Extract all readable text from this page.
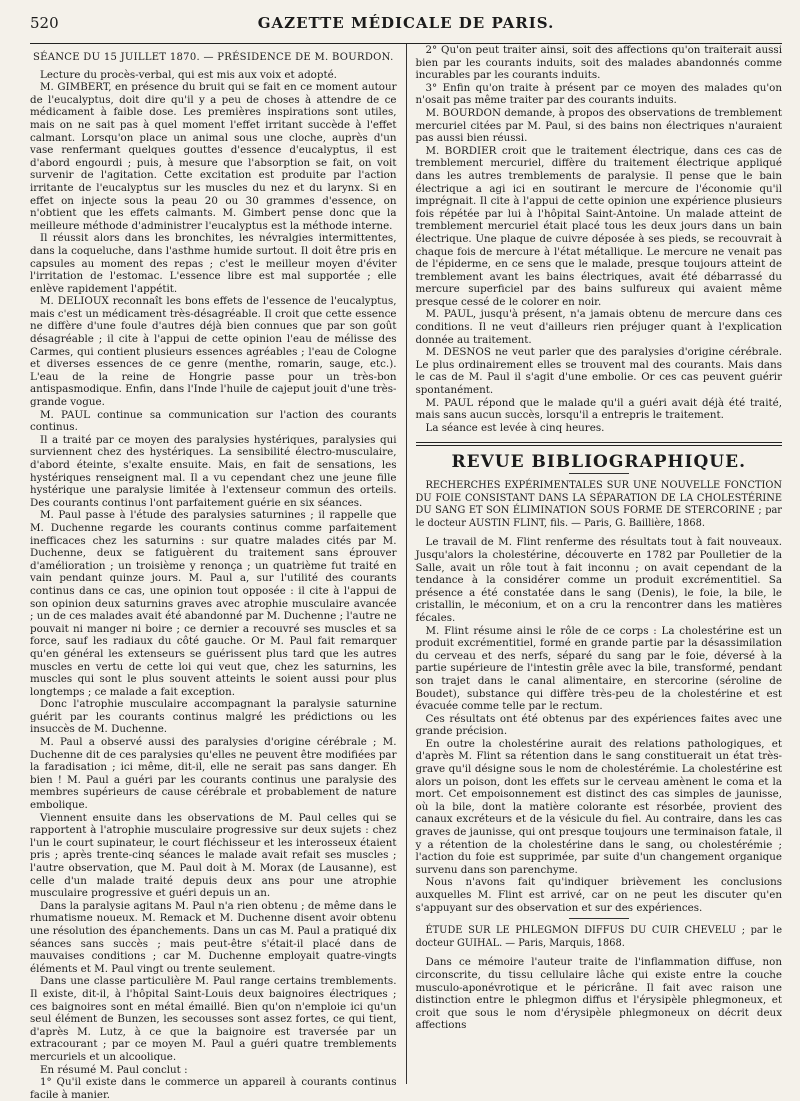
520	GAZETTE MÉDICALE DE PARIS.
SÉANCE DU 15 JUILLET 1870. — PRÉSIDENCE DE M. BOURDON.

Lecture du procès-verbal, qui est mis aux voix et adopté.

M. GIMBERT, en présence du bruit qui se fait en ce moment autour de l'eucalyptus, doit dire qu'il y a peu de choses à attendre de ce médicament à faible dose. Les premières inspirations sont utiles, mais on ne sait pas à quel moment l'effet irritant succède à l'effet calmant. Lorsqu'on place un animal sous une cloche, auprès d'un vase renfermant quelques gouttes d'essence d'eucalyptus, il est d'abord engourdi ; puis, à mesure que l'absorption se fait, on voit survenir de l'agitation. Cette excitation est produite par l'action irritante de l'eucalyptus sur les muscles du nez et du larynx. Si en effet on injecte sous la peau 20 ou 30 grammes d'essence, on n'obtient que les effets calmants. M. Gimbert pense donc que la meilleure méthode d'administrer l'eucalyptus est la méthode interne.

Il réussit alors dans les bronchites, les névralgies intermittentes, dans la coqueluche, dans l'asthme humide surtout. Il doit être pris en capsules au moment des repas ; c'est le meilleur moyen d'éviter l'irritation de l'estomac. L'essence libre est mal supportée ; elle enlève rapidement l'appétit.

M. DELIOUX reconnaît les bons effets de l'essence de l'eucalyptus, mais c'est un médicament très-désagréable. Il croit que cette essence ne diffère d'une foule d'autres déjà bien connues que par son goût désagréable ; il cite à l'appui de cette opinion l'eau de mélisse des Carmes, qui contient plusieurs essences agréables ; l'eau de Cologne et diverses essences de ce genre (menthe, romarin, sauge, etc.). L'eau de la reine de Hongrie passe pour un très-bon antispasmodique. Enfin, dans l'Inde l'huile de cajeput jouit d'une très-grande vogue.

M. PAUL continue sa communication sur l'action des courants continus.

Il a traité par ce moyen des paralysies hystériques, paralysies qui surviennent chez des hystériques. La sensibilité électro-musculaire, d'abord éteinte, s'exalte ensuite. Mais, en fait de sensations, les hystériques renseignent mal. Il a vu cependant chez une jeune fille hystérique une paralysie limitée à l'extenseur commun des orteils. Des courants continus l'ont parfaitement guérie en six séances.

M. Paul passe à l'étude des paralysies saturnines ; il rappelle que M. Duchenne regarde les courants continus comme parfaitement inefficaces chez les saturnins : sur quatre malades cités par M. Duchenne, deux se fatiguèrent du traitement sans éprouver d'amélioration ; un troisième y renonça ; un quatrième fut traité en vain pendant quinze jours. M. Paul a, sur l'utilité des courants continus dans ce cas, une opinion tout opposée : il cite à l'appui de son opinion deux saturnins graves avec atrophie musculaire avancée ; un de ces malades avait été abandonné par M. Duchenne ; l'autre ne pouvait ni manger ni boire ; ce dernier a recouvré ses muscles et sa force, sauf les radiaux du côté gauche. Or M. Paul fait remarquer qu'en général les extenseurs se guérissent plus tard que les autres muscles en vertu de cette loi qui veut que, chez les saturnins, les muscles qui sont le plus souvent atteints le soient aussi pour plus longtemps ; ce malade a fait exception.

Donc l'atrophie musculaire accompagnant la paralysie saturnine guérit par les courants continus malgré les prédictions ou les insuccès de M. Duchenne.

M. Paul a observé aussi des paralysies d'origine cérébrale ; M. Duchenne dit de ces paralysies qu'elles ne peuvent être modifiées par la faradisation ; ici même, dit-il, elle ne serait pas sans danger. Eh bien ! M. Paul a guéri par les courants continus une paralysie des membres supérieurs de cause cérébrale et probablement de nature embolique.

Viennent ensuite dans les observations de M. Paul celles qui se rapportent à l'atrophie musculaire progressive sur deux sujets : chez l'un le court supinateur, le court fléchisseur et les interosseux étaient pris ; après trente-cinq séances le malade avait refait ses muscles ; l'autre observation, que M. Paul doit à M. Morax (de Lausanne), est celle d'un malade traité depuis deux ans pour une atrophie musculaire progressive et guéri depuis un an.

Dans la paralysie agitans M. Paul n'a rien obtenu ; de même dans le rhumatisme noueux. M. Remack et M. Duchenne disent avoir obtenu une résolution des épanchements. Dans un cas M. Paul a pratiqué dix séances sans succès ; mais peut-être s'était-il placé dans de mauvaises conditions ; car M. Duchenne employait quatre-vingts éléments et M. Paul vingt ou trente seulement.

Dans une classe particulière M. Paul range certains tremblements. Il existe, dit-il, à l'hôpital Saint-Louis deux baignoires électriques ; ces baignoires sont en métal émaillé. Bien qu'on n'emploie ici qu'un seul élément de Bunzen, les secousses sont assez fortes, ce qui tient, d'après M. Lutz, à ce que la baignoire est traversée par un extracourant ; par ce moyen M. Paul a guéri quatre tremblements mercuriels et un alcoolique.

En résumé M. Paul conclut :

1° Qu'il existe dans le commerce un appareil à courants continus facile à manier.

2° Qu'on peut traiter ainsi, soit des affections qu'on traiterait aussi bien par les courants induits, soit des malades abandonnés comme incurables par les courants induits.

3° Enfin qu'on traite à présent par ce moyen des malades qu'on n'osait pas même traiter par des courants induits.

M. BOURDON demande, à propos des observations de tremblement mercuriel citées par M. Paul, si des bains non électriques n'auraient pas aussi bien réussi.

M. BORDIER croit que le traitement électrique, dans ces cas de tremblement mercuriel, diffère du traitement électrique appliqué dans les autres tremblements de paralysie. Il pense que le bain électrique a agi ici en soutirant le mercure de l'économie qu'il imprégnait. Il cite à l'appui de cette opinion une expérience plusieurs fois répétée par lui à l'hôpital Saint-Antoine. Un malade atteint de tremblement mercuriel était placé tous les deux jours dans un bain électrique. Une plaque de cuivre déposée à ses pieds, se recouvrait à chaque fois de mercure à l'état métallique. Le mercure ne venait pas de l'épiderme, en ce sens que le malade, presque toujours atteint de tremblement avant les bains électriques, avait été débarrassé du mercure superficiel par des bains sulfureux qui avaient même presque cessé de le colorer en noir.

M. PAUL, jusqu'à présent, n'a jamais obtenu de mercure dans ces conditions. Il ne veut d'ailleurs rien préjuger quant à l'explication donnée au traitement.

M. DESNOS ne veut parler que des paralysies d'origine cérébrale. Le plus ordinairement elles se trouvent mal des courants. Mais dans le cas de M. Paul il s'agit d'une embolie. Or ces cas peuvent guérir spontanément.

M. PAUL répond que le malade qu'il a guéri avait déjà été traité, mais sans aucun succès, lorsqu'il a entrepris le traitement.

La séance est levée à cinq heures.

REVUE BIBLIOGRAPHIQUE.

RECHERCHES EXPÉRIMENTALES SUR UNE NOUVELLE FONCTION DU FOIE CONSISTANT DANS LA SÉPARATION DE LA CHOLESTÉRINE DU SANG ET SON ÉLIMINATION SOUS FORME DE STERCORINE ; par le docteur AUSTIN FLINT, fils. — Paris, G. Baillière, 1868.

Le travail de M. Flint renferme des résultats tout à fait nouveaux. Jusqu'alors la cholestérine, découverte en 1782 par Poulletier de la Salle, avait un rôle tout à fait inconnu ; on avait cependant de la tendance à la considérer comme un produit excrémentitiel. Sa présence a été constatée dans le sang (Denis), le foie, la bile, le cristallin, le méconium, et on a cru la rencontrer dans les matières fécales.

M. Flint résume ainsi le rôle de ce corps : La cholestérine est un produit excrémentitiel, formé en grande partie par la désassimilation du cerveau et des nerfs, séparé du sang par le foie, déversé à la partie supérieure de l'intestin grêle avec la bile, transformé, pendant son trajet dans le canal alimentaire, en stercorine (séroline de Boudet), substance qui diffère très-peu de la cholestérine et est évacuée comme telle par le rectum.

Ces résultats ont été obtenus par des expériences faites avec une grande précision.

En outre la cholestérine aurait des relations pathologiques, et d'après M. Flint sa rétention dans le sang constituerait un état très-grave qu'il désigne sous le nom de cholestérémie. La cholestérine est alors un poison, dont les effets sur le cerveau amènent le coma et la mort. Cet empoisonnement est distinct des cas simples de jaunisse, où la bile, dont la matière colorante est résorbée, provient des canaux excréteurs et de la vésicule du fiel. Au contraire, dans les cas graves de jaunisse, qui ont presque toujours une terminaison fatale, il y a rétention de la cholestérine dans le sang, ou cholestérémie ; l'action du foie est supprimée, par suite d'un changement organique survenu dans son parenchyme.

Nous n'avons fait qu'indiquer brièvement les conclusions auxquelles M. Flint est arrivé, car on ne peut les discuter qu'en s'appuyant sur des observation et sur des expériences.

ÉTUDE SUR LE PHLEGMON DIFFUS DU CUIR CHEVELU ; par le docteur GUIHAL. — Paris, Marquis, 1868.

Dans ce mémoire l'auteur traite de l'inflammation diffuse, non circonscrite, du tissu cellulaire lâche qui existe entre la couche musculo-aponévrotique et le péricrâne. Il fait avec raison une distinction entre le phlegmon diffus et l'érysipèle phlegmoneux, et croit que sous le nom d'érysipèle phlegmoneux on décrit deux affections
